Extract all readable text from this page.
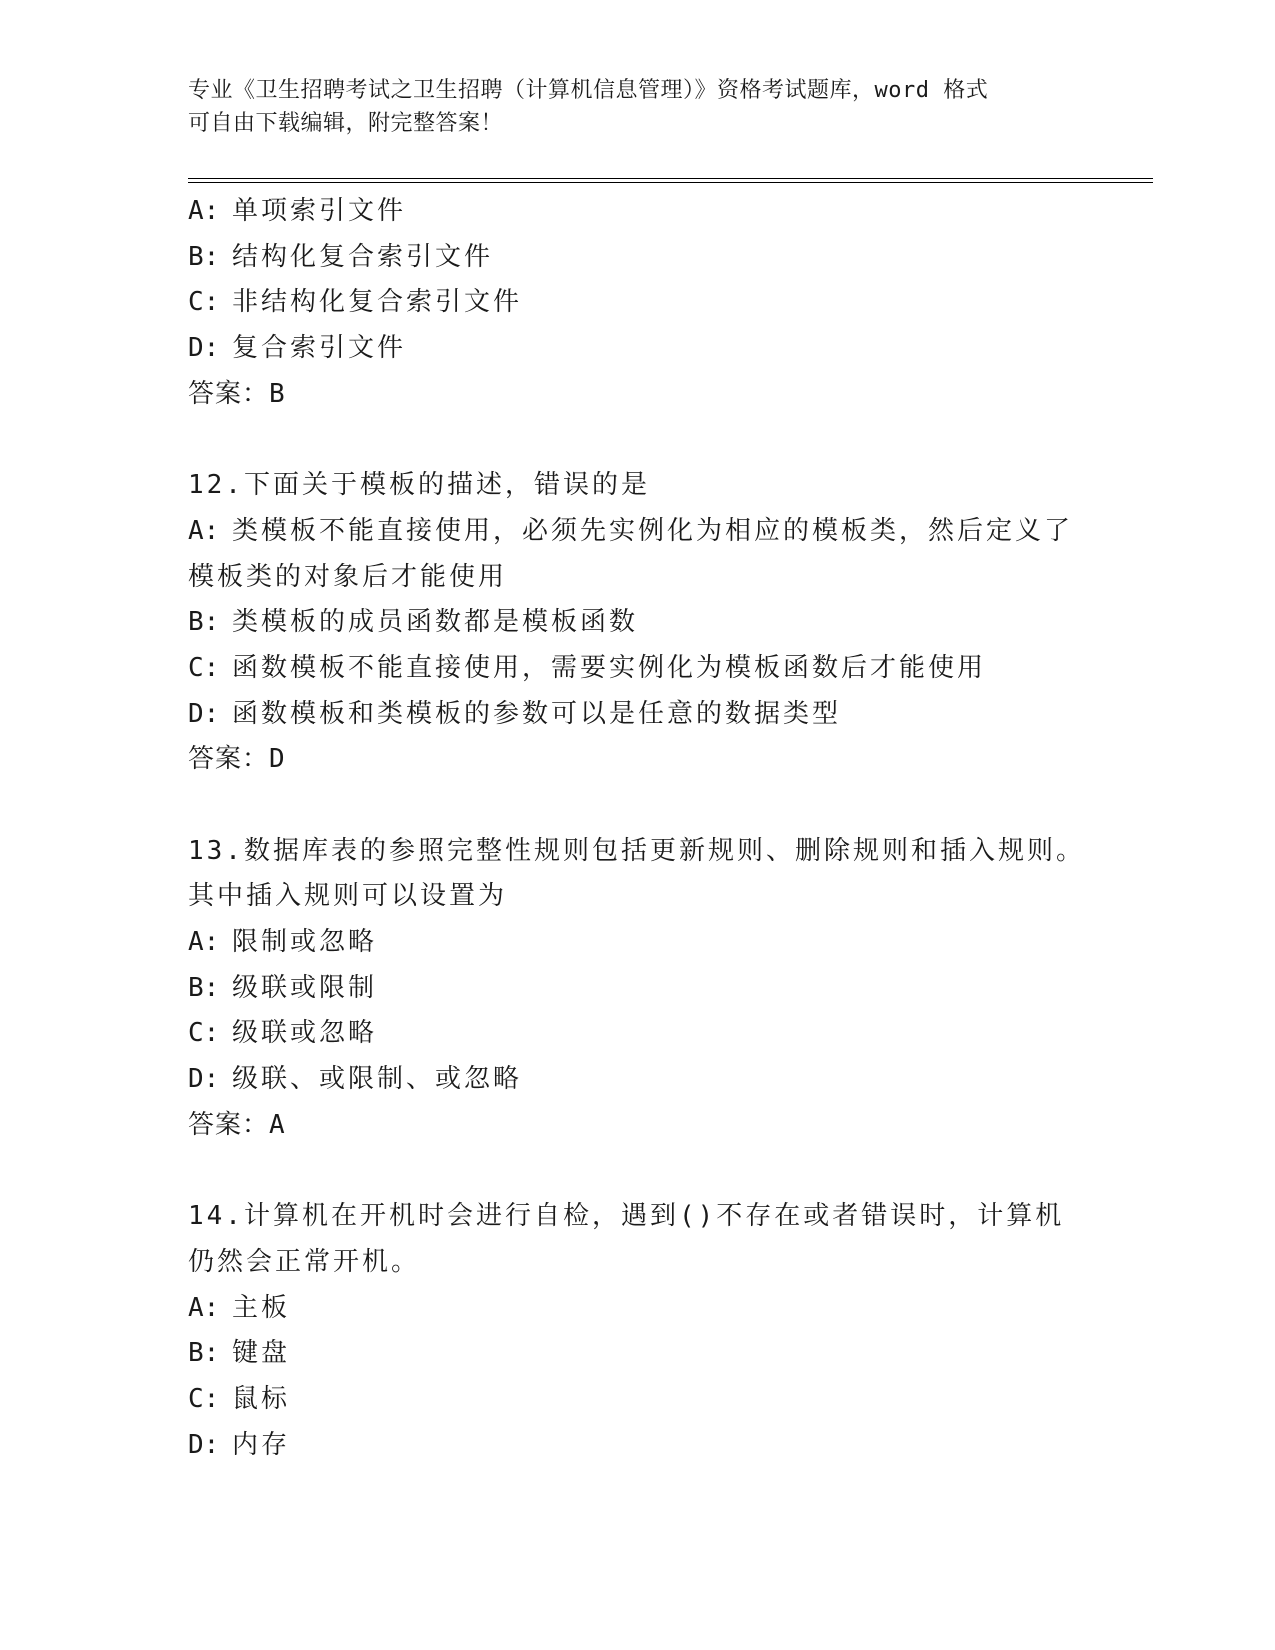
专业《卫生招聘考试之卫生招聘（计算机信息管理）》资格考试题库，word 格式
可自由下载编辑，附完整答案！
A: 单项索引文件
B: 结构化复合索引文件
C: 非结构化复合索引文件
D: 复合索引文件
答案：B
12.下面关于模板的描述，错误的是
A: 类模板不能直接使用，必须先实例化为相应的模板类，然后定义了模板类的对象后才能使用
B: 类模板的成员函数都是模板函数
C: 函数模板不能直接使用，需要实例化为模板函数后才能使用
D: 函数模板和类模板的参数可以是任意的数据类型
答案：D
13.数据库表的参照完整性规则包括更新规则、删除规则和插入规则。其中插入规则可以设置为
A: 限制或忽略
B: 级联或限制
C: 级联或忽略
D: 级联、或限制、或忽略
答案：A
14.计算机在开机时会进行自检，遇到()不存在或者错误时，计算机仍然会正常开机。
A: 主板
B: 键盘
C: 鼠标
D: 内存
